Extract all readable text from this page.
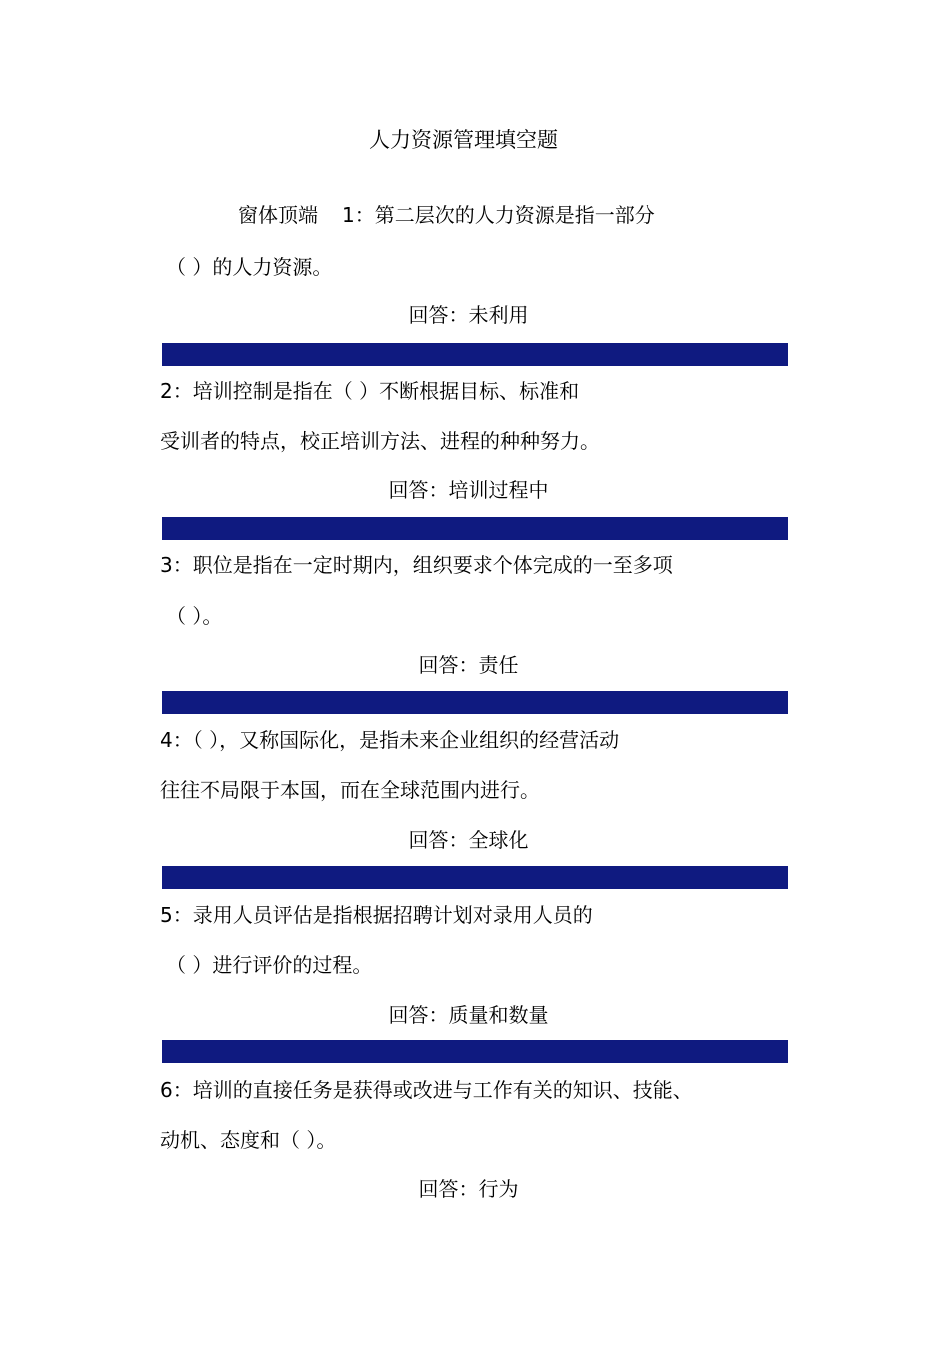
人力资源管理填空题
窗体顶端 1：第二层次的人力资源是指一部分
（ ）的人力资源。
回答：未利用
2：培训控制是指在（ ）不断根据目标、标准和
受训者的特点，校正培训方法、进程的种种努力。
回答：培训过程中
3：职位是指在一定时期内，组织要求个体完成的一至多项
（ ）。
回答：责任
4：（ ），又称国际化，是指未来企业组织的经营活动
往往不局限于本国，而在全球范围内进行。
回答：全球化
5：录用人员评估是指根据招聘计划对录用人员的
（ ）进行评价的过程。
回答：质量和数量
6：培训的直接任务是获得或改进与工作有关的知识、技能、
动机、态度和（ ）。
回答：行为
